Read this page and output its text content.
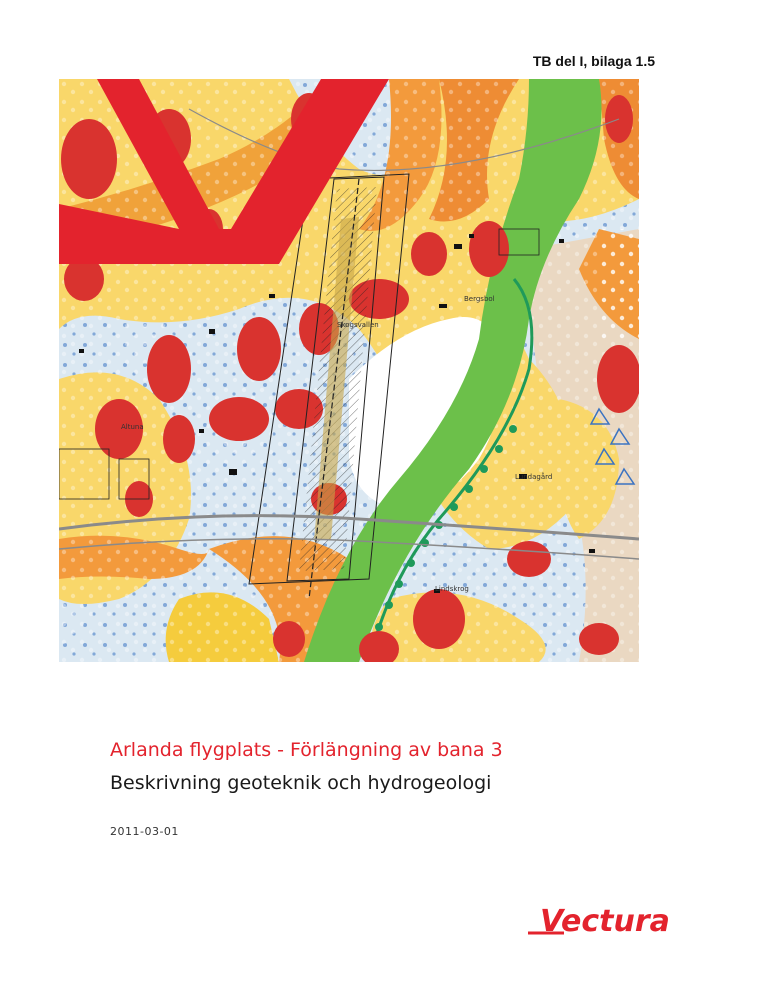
TB del I, bilaga 1.5
Bergsbol
Skogsvallen
Altuna
Lundagård
Lindskrog
Arlanda flygplats - Förlängning av bana 3
Beskrivning geoteknik och hydrogeologi
2011-03-01
Vectura
